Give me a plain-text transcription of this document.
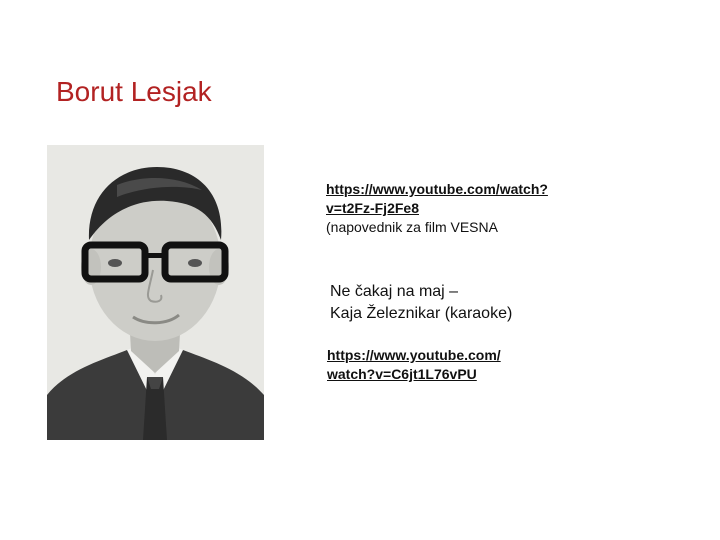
Borut Lesjak
https://www.youtube.com/watch?
v=t2Fz-Fj2Fe8
(napovednik za film VESNA
Ne čakaj na maj –
Kaja Železnikar (karaoke)
https://www.youtube.com/
watch?v=C6jt1L76vPU
